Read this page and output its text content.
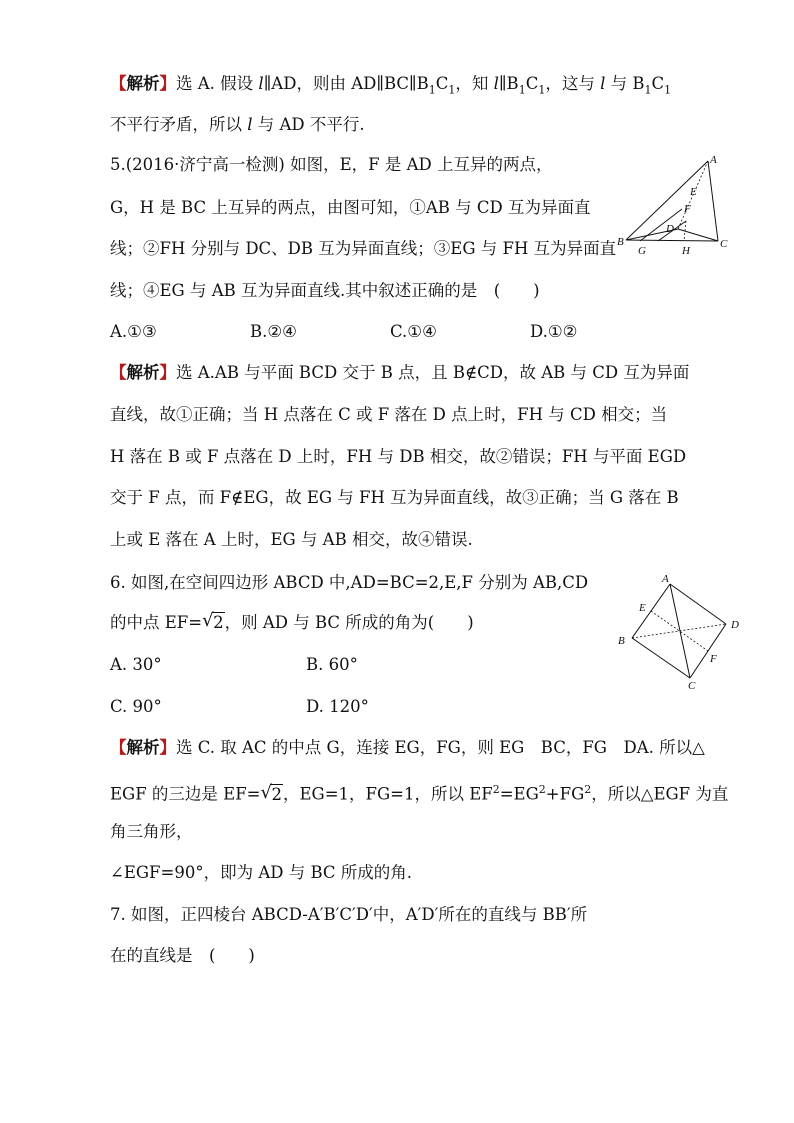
【解析】选 A. 假设 l∥AD，则由 $AD\parallel BC\parallel B_1C_1$，知 $l\parallel B_1C_1$，这与 l 与 $B_1C_1$
不平行矛盾，所以 l 与 AD 不平行.
5.(2016·济宁高一检测) 如图，E，F 是 AD 上互异的两点，
G，H 是 BC 上互异的两点，由图可知，①AB 与 CD 互为异面直
线；②FH 分别与 DC、DB 互为异面直线；③EG 与 FH 互为异面直
线；④EG 与 AB 互为异面直线.其中叙述正确的是　(　　)
A.①③	B.②④	C.①④	D.①②
A
B	C
D
E
F
G	H
【解析】选 A.AB 与平面 BCD 交于 B 点，且 B∉CD，故 AB 与 CD 互为异面
直线，故①正确；当 H 点落在 C 或 F 落在 D 点上时，FH 与 CD 相交；当
H 落在 B 或 F 点落在 D 上时，FH 与 DB 相交，故②错误；FH 与平面 EGD
交于 F 点，而 F∉EG，故 EG 与 FH 互为异面直线，故③正确；当 G 落在 B
上或 E 落在 A 上时，EG 与 AB 相交，故④错误.
6. 如图,在空间四边形 ABCD 中,AD=BC=2,E,F 分别为 AB,CD
的中点 EF= √ 2，则 AD 与 BC 所成的角为(　　)
A. 30°	B. 60°
C. 90°	D. 120°
A
B
C
D
E
F
【解析】选 C. 取 AC 的中点 G，连接 EG，FG，则 EG　BC，FG　DA. 所以△
EGF 的三边是 EF= √ 2，EG=1，FG=1，所以 $EF^2=EG^2+FG^2$，所以△EGF 为直
角三角形，
∠EGF=90°，即为 AD 与 BC 所成的角.
7. 如图，正四棱台 ABCD-A′B′C′D′中，A′D′所在的直线与 BB′所
在的直线是　(　　)
